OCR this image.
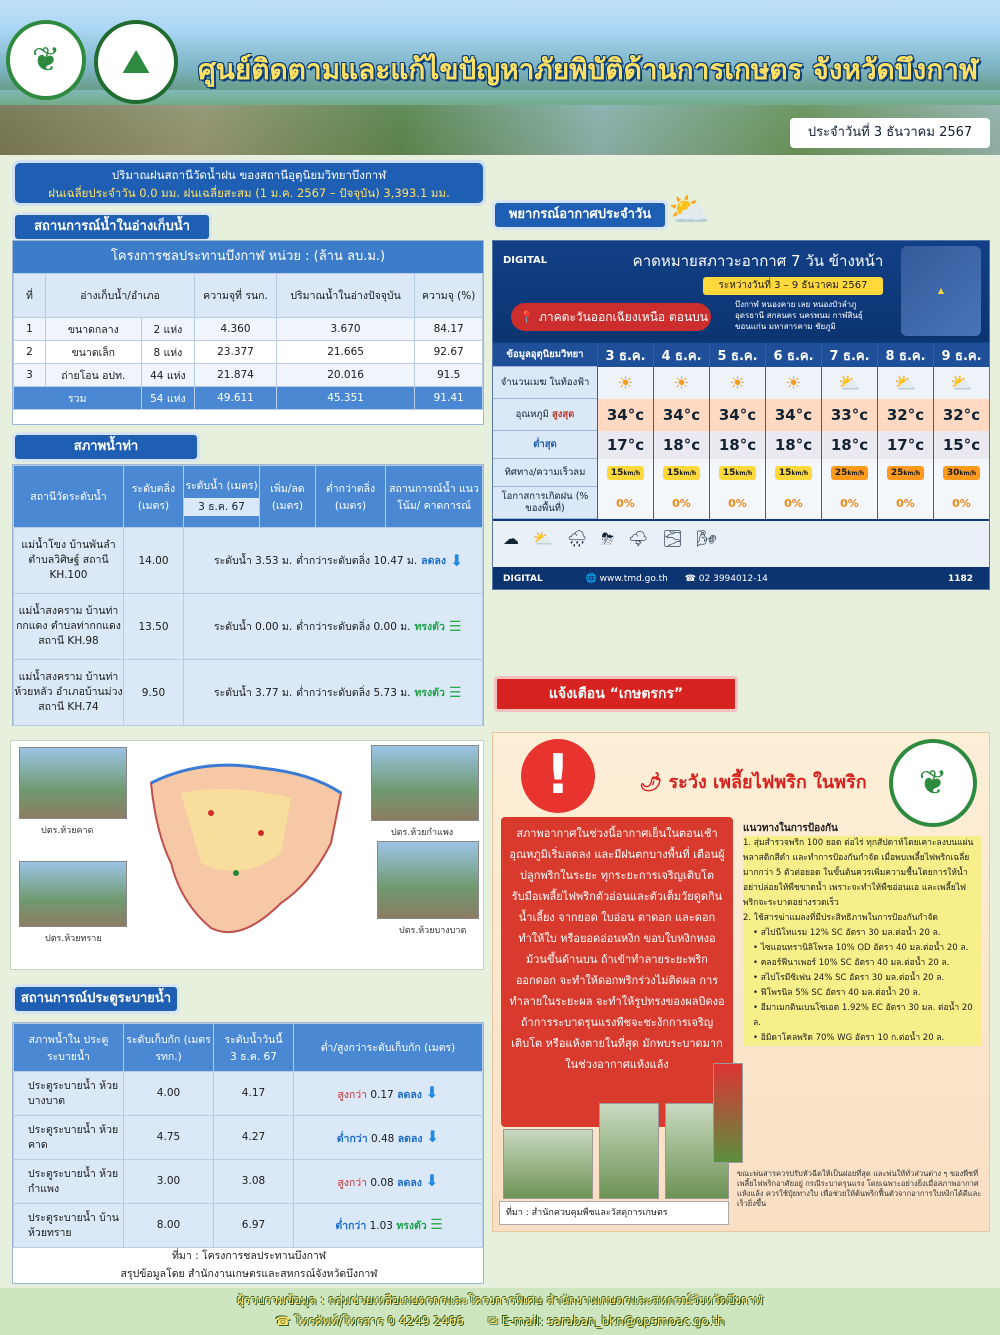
❦	⛰	ศูนย์ติดตามและแก้ไขปัญหาภัยพิบัติด้านการเกษตร จังหวัดบึงกาฬ
ประจำวันที่ 3 ธันวาคม 2567
ปริมาณฝนสถานีวัดน้ำฝน ของสถานีอุตุนิยมวิทยาบึงกาฬ
ฝนเฉลี่ยประจำวัน 0.0 มม. ฝนเฉลี่ยสะสม (1 ม.ค. 2567 – ปัจจุบัน) 3,393.1 มม.
สถานการณ์น้ำในอ่างเก็บน้ำ
โครงการชลประทานบึงกาฬ หน่วย : (ล้าน ลบ.ม.)
ที่	อ่างเก็บน้ำ/อำเภอ		ความจุที่ รนก.	ปริมาณน้ำในอ่างปัจจุบัน	ความจุ (%)
1	ขนาดกลาง	2 แห่ง	4.360	3.670	84.17
2	ขนาดเล็ก	8 แห่ง	23.377	21.665	92.67
3	ถ่ายโอน อปท.	44 แห่ง	21.874	20.016	91.5
รวม		54 แห่ง	49.611	45.351	91.41
สภาพน้ำท่า
สถานีวัดระดับน้ำ	ระดับตลิ่ง (เมตร)	ระดับน้ำ (เมตร)
3 ธ.ค. 67	เพิ่ม/ลด (เมตร)	ต่ำกว่าตลิ่ง (เมตร)	สถานการณ์น้ำ แนวโน้ม/ คาดการณ์
แม่น้ำโขง บ้านพันลำ ตำบลวิศิษฐ์ สถานี KH.100	14.00	ระดับน้ำ 3.53 ม. ต่ำกว่าระดับตลิ่ง 10.47 ม. ลดลง ⬇			

แม่น้ำสงคราม บ้านท่ากกแดง ตำบลท่ากกแดง สถานี KH.98	13.50	ระดับน้ำ 0.00 ม. ต่ำกว่าระดับตลิ่ง 0.00 ม. ทรงตัว ☰			

แม่น้ำสงคราม บ้านท่าห้วยหลัว อำเภอบ้านม่วง สถานี KH.74	9.50	ระดับน้ำ 3.77 ม. ต่ำกว่าระดับตลิ่ง 5.73 ม. ทรงตัว ☰			
ปตร.ห้วยคาด
ปตร.ห้วยทราย
ปตร.ห้วยกำแพง
ปตร.ห้วยบางบาต
สถานการณ์ประตูระบายน้ำ
สภาพน้ำใน ประตูระบายน้ำ	ระดับเก็บกัก (เมตร รทก.)	ระดับน้ำวันนี้
3 ธ.ค. 67	ต่ำ/สูงกว่าระดับเก็บกัก (เมตร)
ประตูระบายน้ำ ห้วยบางบาต	4.00	4.17	สูงกว่า 0.17 ลดลง ⬇
ประตูระบายน้ำ ห้วยคาด	4.75	4.27	ต่ำกว่า 0.48 ลดลง ⬇
ประตูระบายน้ำ ห้วยกำแพง	3.00	3.08	สูงกว่า 0.08 ลดลง ⬇
ประตูระบายน้ำ บ้านห้วยทราย	8.00	6.97	ต่ำกว่า 1.03 ทรงตัว ☰
ที่มา : โครงการชลประทานบึงกาฬ
สรุปข้อมูลโดย สำนักงานเกษตรและสหกรณ์จังหวัดบึงกาฬ
พยากรณ์อากาศประจำวัน ⛅
DIGITAL	คาดหมายสภาวะอากาศ 7 วัน ข้างหน้า
ระหว่างวันที่ 3 – 9 ธันวาคม 2567
📍 ภาคตะวันออกเฉียงเหนือ ตอนบน
บึงกาฬ หนองคาย เลย หนองบัวลำภู อุดรธานี สกลนคร นครพนม กาฬสินธุ์ ขอนแก่น มหาสารคาม ชัยภูมิ
▲
ข้อมูลอุตุนิยมวิทยา	3 ธ.ค.	4 ธ.ค.	5 ธ.ค.	6 ธ.ค.	7 ธ.ค.	8 ธ.ค.	9 ธ.ค.
จำนวนเมฆ ในท้องฟ้า	☀	☀	☀	☀	⛅	⛅	⛅
อุณหภูมิ
สูงสุด	34°c	34°c	34°c	34°c	33°c	32°c	32°c
ต่ำสุด	17°c	18°c	18°c	18°c	18°c	17°c	15°c
ทิศทาง/ความเร็วลม	15km/h	15km/h	15km/h	15km/h	25km/h	25km/h	30km/h
โอกาสการเกิดฝน (% ของพื้นที่)	0%	0%	0%	0%	0%	0%	0%
☁ ⛅ 🌧 ⛈ 🌩 🌫 🌬
DIGITAL	🌐 www.tmd.go.th ☎ 02 3994012-14	1182
แจ้งเตือน “เกษตรกร”
!	🌶 ระวัง เพลี้ยไฟพริก ในพริก	❦
สภาพอากาศในช่วงนี้อากาศเย็นในตอนเช้า อุณหภูมิเริ่มลดลง และมีฝนตกบางพื้นที่ เตือนผู้ปลูกพริกในระยะ ทุกระยะการเจริญเติบโต รับมือเพลี้ยไฟพริกตัวอ่อนและตัวเต็มวัยดูดกินน้ำเลี้ยง จากยอด ใบอ่อน ตาดอก และดอก ทำให้ใบ หรือยอดอ่อนหงิก ขอบใบหงิกหงอ ม้วนขึ้นด้านบน ถ้าเข้าทำลายระยะพริกออกดอก จะทำให้ดอกพริกร่วงไม่ติดผล การทำลายในระยะผล จะทำให้รูปทรงของผลบิดงอ ถ้าการระบาดรุนแรงพืชจะชะงักการเจริญเติบโต หรือแห้งตายในที่สุด มักพบระบาดมากในช่วงอากาศแห้งแล้ง
แนวทางในการป้องกัน
1. สุ่มสำรวจพริก 100 ยอด ต่อไร่ ทุกสัปดาห์โดยเคาะลงบนแผ่นพลาสติกสีดำ และทำการป้องกันกำจัด เมื่อพบเพลี้ยไฟพริกเฉลี่ยมากกว่า 5 ตัวต่อยอด ในขั้นต้นควรเพิ่มความชื้นโดยการให้น้ำ อย่าปล่อยให้พืชขาดน้ำ เพราะจะทำให้พืชอ่อนแอ และเพลี้ยไฟพริกจะระบาดอย่างรวดเร็ว
2. ใช้สารฆ่าแมลงที่มีประสิทธิภาพในการป้องกันกำจัด
• สไปนีโทแรม 12% SC อัตรา 30 มล.ต่อน้ำ 20 ล.
• ไซแอนทรานิลิโพรล 10% OD อัตรา 40 มล.ต่อน้ำ 20 ล.
• คลอร์ฟีนาเพอร์ 10% SC อัตรา 40 มล.ต่อน้ำ 20 ล.
• สไปโรมีซิเฟน 24% SC อัตรา 30 มล.ต่อน้ำ 20 ล.
• ฟิโพรนิล 5% SC อัตรา 40 มล.ต่อน้ำ 20 ล.
• อีมาเมกตินเบนโซเอต 1.92% EC อัตรา 30 มล. ต่อน้ำ 20 ล.
• อิมิดาโคลพริด 70% WG อัตรา 10 ก.ต่อน้ำ 20 ล.
ขณะพ่นสารควรปรับหัวฉีดให้เป็นฝอยที่สุด และพ่นให้ทั่วส่วนต่าง ๆ ของพืชที่เพลี้ยไฟพริกอาศัยอยู่ กรณีระบาดรุนแรง โดยเฉพาะอย่างยิ่งเมื่อสภาพอากาศแห้งแล้ง ควรใช้ปุ๋ยทางใบ เพื่อช่วยให้ต้นพริกฟื้นตัวจากอาการใบหงิกได้ดีและเร็วยิ่งขึ้น
ที่มา : สำนักควบคุมพืชและวัสดุการเกษตร
ผู้รวบรวมข้อมูล : กลุ่มช่วยเหลือเกษตรกรและโครงการพิเศษ สำนักงานเกษตรและสหกรณ์จังหวัดบึงกาฬ
☎ โทรศัพท์/โทรสาร 0 4249 2466 ✉ E-mail: saraban_bkn@opsmoac.go.th
